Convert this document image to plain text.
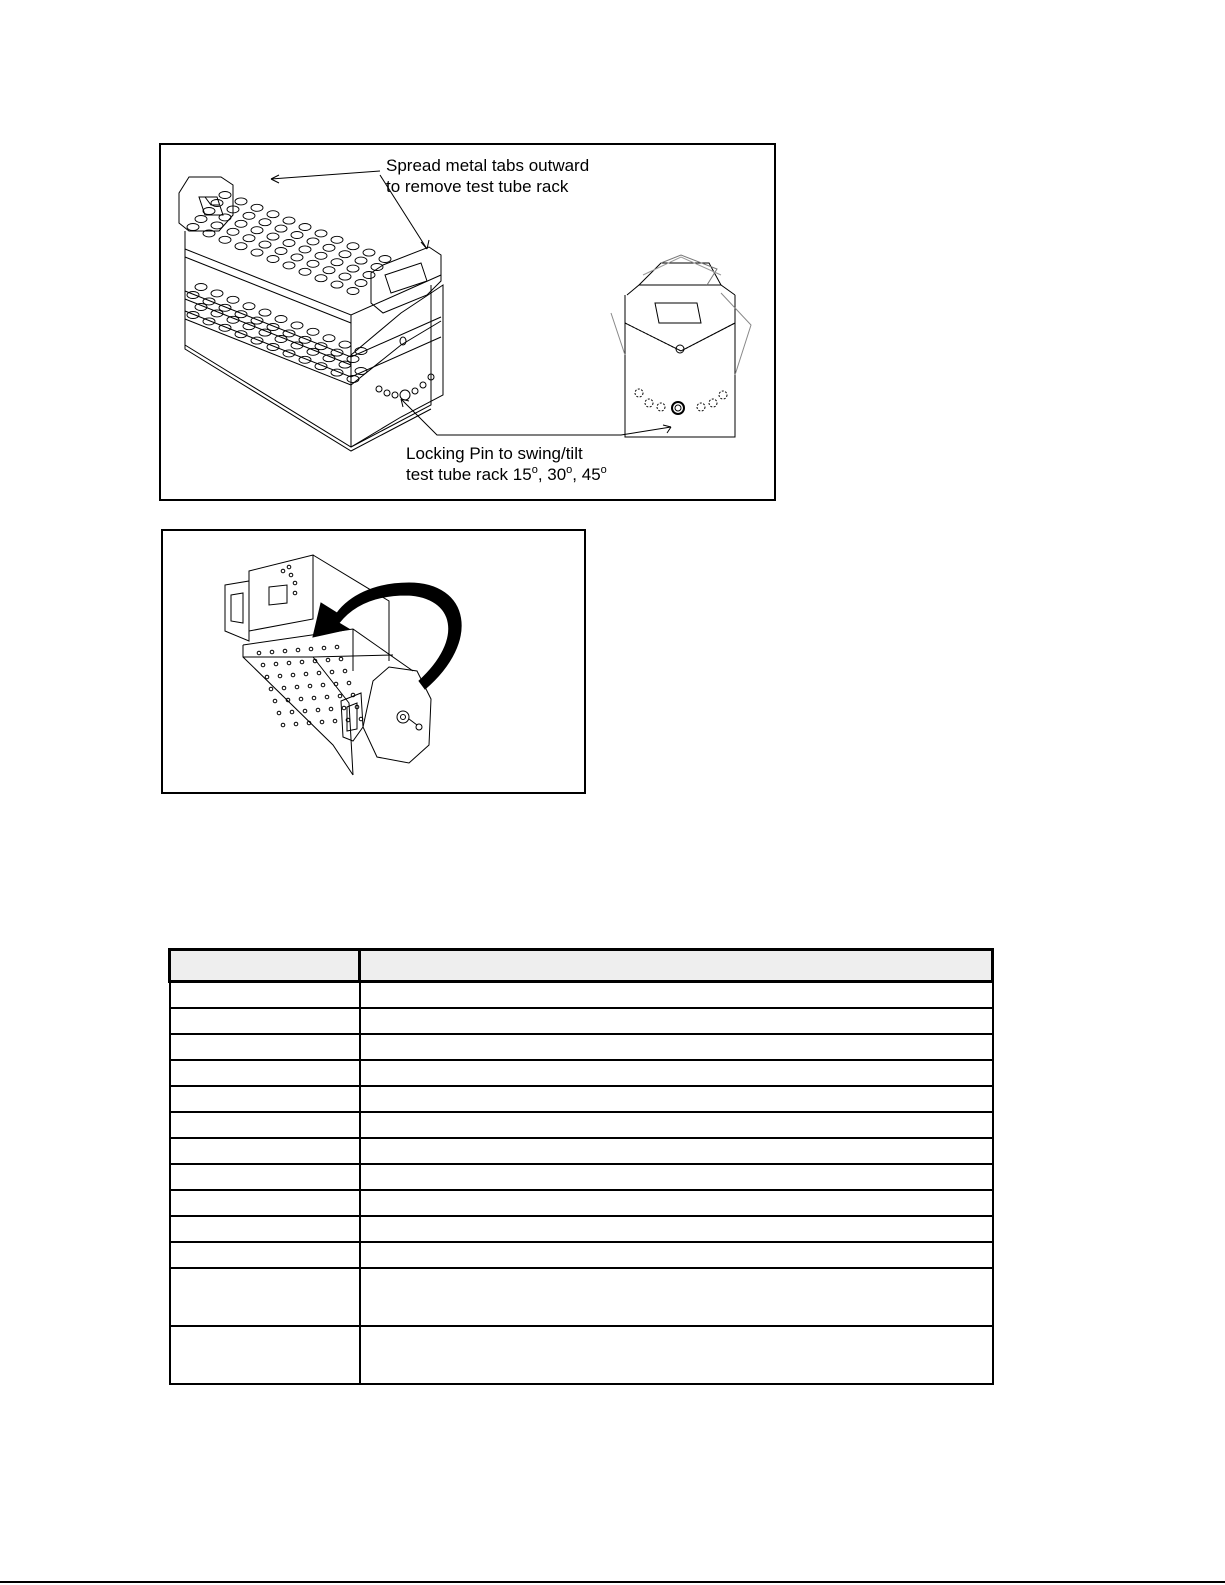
Spread metal tabs outward
to remove test tube rack
Locking Pin to swing/tilt
test tube rack 15$^o$, 30$^o$, 45$^o$
